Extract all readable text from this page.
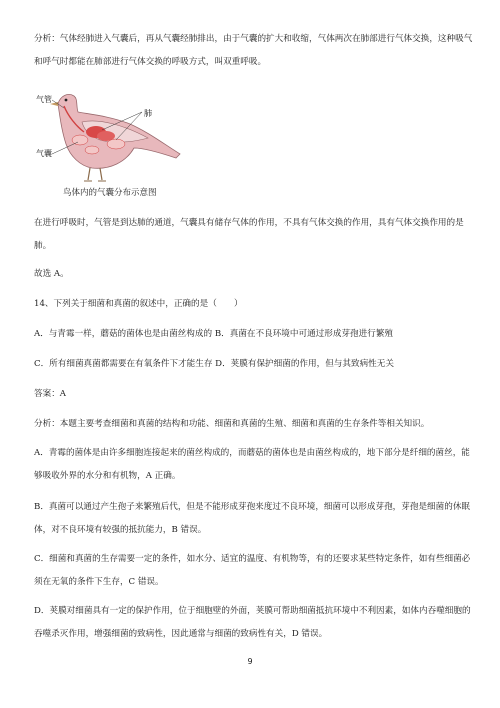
分析：气体经肺进入气囊后，再从气囊经肺排出，由于气囊的扩大和收缩，气体两次在肺部进行气体交换，这种吸气和呼气时都能在肺部进行气体交换的呼吸方式，叫双重呼吸。
气管
肺
气囊
鸟体内的气囊分布示意图
在进行呼吸时，气管是到达肺的通道，气囊具有储存气体的作用，不具有气体交换的作用，具有气体交换作用的是肺。
故选 A。
14、下列关于细菌和真菌的叙述中，正确的是（　　）
A．与青霉一样，蘑菇的菌体也是由菌丝构成的 B．真菌在不良环境中可通过形成芽孢进行繁殖
C．所有细菌真菌都需要在有氧条件下才能生存 D．荚膜有保护细菌的作用，但与其致病性无关
答案：A
分析：本题主要考查细菌和真菌的结构和功能、细菌和真菌的生殖、细菌和真菌的生存条件等相关知识。
A．青霉的菌体是由许多细胞连接起来的菌丝构成的，而蘑菇的菌体也是由菌丝构成的，地下部分是纤细的菌丝，能够吸收外界的水分和有机物，A 正确。
B．真菌可以通过产生孢子来繁殖后代，但是不能形成芽孢来度过不良环境，细菌可以形成芽孢，芽孢是细菌的休眠体，对不良环境有较强的抵抗能力，B 错误。
C．细菌和真菌的生存需要一定的条件，如水分、适宜的温度、有机物等，有的还要求某些特定条件，如有些细菌必须在无氧的条件下生存，C 错误。
D．荚膜对细菌具有一定的保护作用，位于细胞壁的外面，荚膜可帮助细菌抵抗环境中不利因素，如体内吞噬细胞的吞噬杀灭作用，增强细菌的致病性，因此通常与细菌的致病性有关，D 错误。
9
